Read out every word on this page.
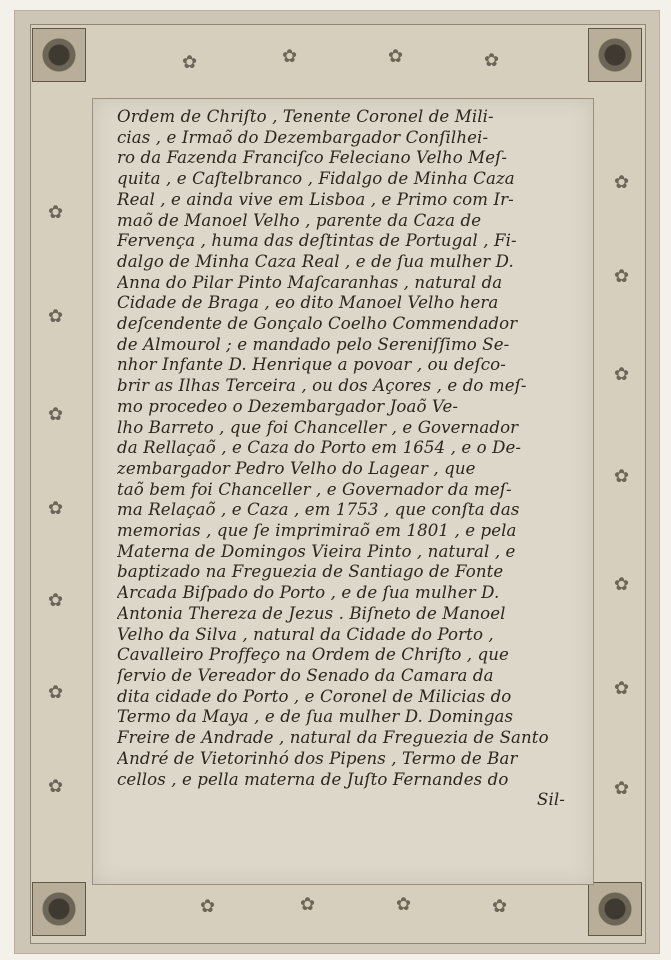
✿	✿	✿	✿
✿
✿
✿
✿
✿
✿
✿
✿
✿
✿
✿
✿
✿
✿
✿	✿	✿	✿
Ordem de Chriſto , Tenente Coronel de Mili-
cias , e Irmaõ do Dezembargador Conſilhei-
ro da Fazenda Franciſco Feleciano Velho Meſ-
quita , e Caſtelbranco , Fidalgo de Minha Caza
Real , e ainda vive em Lisboa , e Primo com Ir-
maõ de Manoel Velho , parente da Caza de
Fervença , huma das deſtintas de Portugal , Fi-
dalgo de Minha Caza Real , e de ſua mulher D.
Anna do Pilar Pinto Maſcaranhas , natural da
Cidade de Braga , eo dito Manoel Velho hera
deſcendente de Gonçalo Coelho Commendador
de Almourol ; e mandado pelo Sereniſſimo Se-
nhor Infante D. Henrique a povoar , ou deſco-
brir as Ilhas Terceira , ou dos Açores , e do meſ-
mo procedeo o Dezembargador Joaõ Ve-
lho Barreto , que foi Chanceller , e Governador
da Rellaçaõ , e Caza do Porto em 1654 , e o De-
zembargador Pedro Velho do Lagear , que
taõ bem foi Chanceller , e Governador da meſ-
ma Relaçaõ , e Caza , em 1753 , que conſta das
memorias , que ſe imprimiraõ em 1801 , e pela
Materna de Domingos Vieira Pinto , natural , e
baptizado na Freguezia de Santiago de Fonte
Arcada Biſpado do Porto , e de ſua mulher D.
Antonia Thereza de Jezus . Biſneto de Manoel
Velho da Silva , natural da Cidade do Porto ,
Cavalleiro Proffeço na Ordem de Chriſto , que
ſervio de Vereador do Senado da Camara da
dita cidade do Porto , e Coronel de Milicias do
Termo da Maya , e de ſua mulher D. Domingas
Freire de Andrade , natural da Freguezia de Santo
André de Vietorinhó dos Pipens , Termo de Bar
cellos , e pella materna de Juſto Fernandes do
Sil-
